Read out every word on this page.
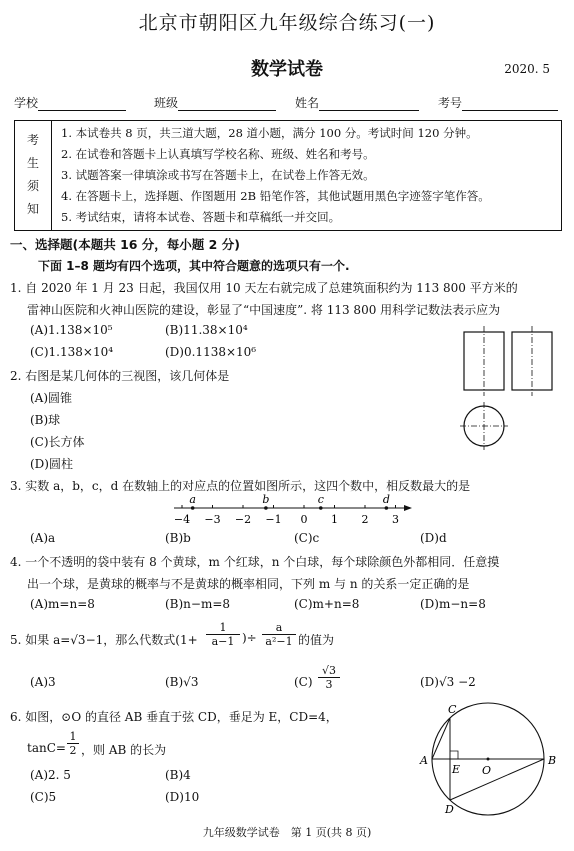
北京市朝阳区九年级综合练习(一)
数学试卷	2020. 5
学校	班级	姓名	考号
考
生
须
知
1. 本试卷共 8 页，共三道大题，28 道小题，满分 100 分。考试时间 120 分钟。
2. 在试卷和答题卡上认真填写学校名称、班级、姓名和考号。
3. 试题答案一律填涂或书写在答题卡上，在试卷上作答无效。
4. 在答题卡上，选择题、作图题用 2B 铅笔作答，其他试题用黑色字迹签字笔作答。
5. 考试结束，请将本试卷、答题卡和草稿纸一并交回。
一、选择题(本题共 16 分，每小题 2 分)
下面 1–8 题均有四个选项，其中符合题意的选项只有一个.
1. 自 2020 年 1 月 23 日起，我国仅用 10 天左右就完成了总建筑面积约为 113 800 平方米的
雷神山医院和火神山医院的建设，彰显了“中国速度”. 将 113 800 用科学记数法表示应为
(A)1.138×10⁵	(B)11.38×10⁴
(C)1.138×10⁴	(D)0.1138×10⁶
2. 右图是某几何体的三视图，该几何体是
(A)圆锥
(B)球
(C)长方体
(D)圆柱
3. 实数 a，b，c，d 在数轴上的对应点的位置如图所示，这四个数中，相反数最大的是
−4 −3 −2 −1 0 1 2 3
a	b	c	d
(A)a	(B)b	(C)c	(D)d
4. 一个不透明的袋中装有 8 个黄球，m 个红球，n 个白球，每个球除颜色外都相同．任意摸
出一个球，是黄球的概率与不是黄球的概率相同，下列 m 与 n 的关系一定正确的是
(A)m=n=8	(B)n−m=8	(C)m+n=8	(D)m−n=8
5. 如果 a=√3−1，那么代数式($1+ \frac{1}{a-1}$ )÷ $\frac{a}{\text{a²−1}}$ 的值为
(A)3	(B)√3	$(C) \frac{√3}{3}$	(D)√3 −2
6. 如图，⊙O 的直径 AB 垂直于弦 CD，垂足为 E，CD=4，
$\tan C= \frac{1}{2}$ ，则 AB 的长为
(A)2. 5	(B)4
(C)5	(D)10
C
A
E O
B
D
九年级数学试卷　第 1 页(共 8 页)
